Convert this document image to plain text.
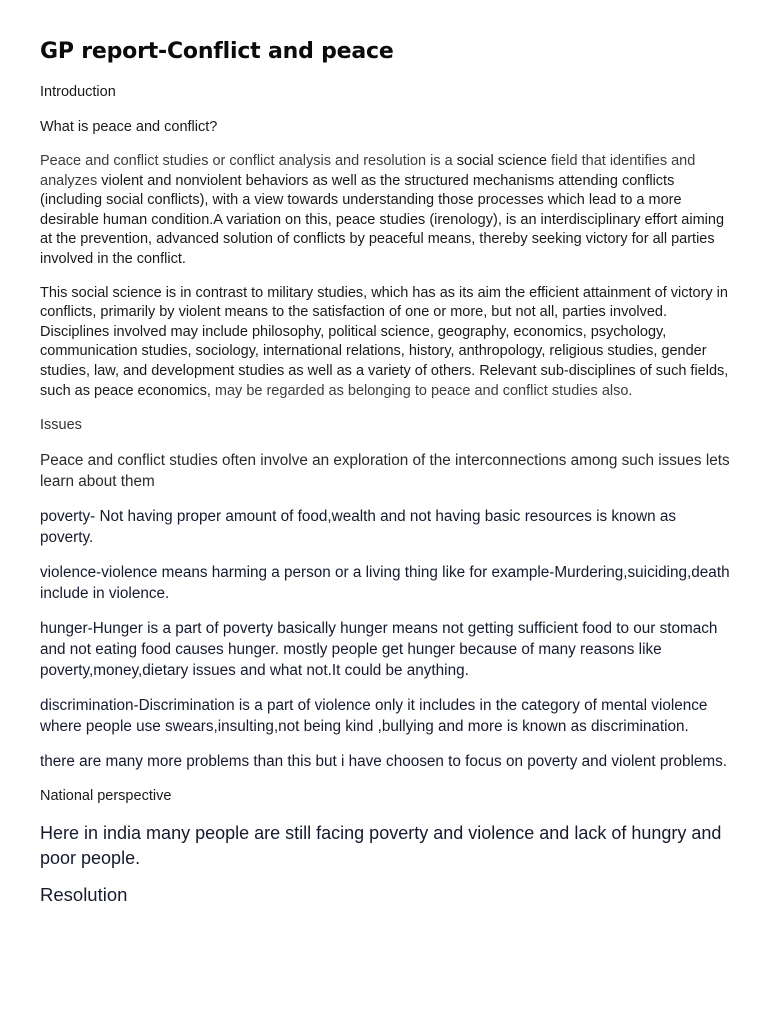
GP report-Conflict and peace

Introduction

What is peace and conflict?

Peace and conflict studies or conflict analysis and resolution is a social science field that identifies and analyzes violent and nonviolent behaviors as well as the structured mechanisms attending conflicts (including social conflicts), with a view towards understanding those processes which lead to a more desirable human condition.A variation on this, peace studies (irenology), is an interdisciplinary effort aiming at the prevention, advanced solution of conflicts by peaceful means, thereby seeking victory for all parties involved in the conflict.

This social science is in contrast to military studies, which has as its aim the efficient attainment of victory in conflicts, primarily by violent means to the satisfaction of one or more, but not all, parties involved. Disciplines involved may include philosophy, political science, geography, economics, psychology, communication studies, sociology, international relations, history, anthropology, religious studies, gender studies, law, and development studies as well as a variety of others. Relevant sub-disciplines of such fields, such as peace economics, may be regarded as belonging to peace and conflict studies also.

Issues

Peace and conflict studies often involve an exploration of the interconnections among such issues lets learn about them

poverty- Not having proper amount of food,wealth and not having basic resources is known as poverty.

violence-violence means harming a person or a living thing like for example-Murdering,suiciding,death include in violence.

hunger-Hunger is a part of poverty basically hunger means not getting sufficient food to our stomach and not eating food causes hunger. mostly people get hunger because of many reasons like poverty,money,dietary issues and what not.It could be anything.

discrimination-Discrimination is a part of violence only it includes in the category of mental violence where people use swears,insulting,not being kind ,bullying and more is known as discrimination.

there are many more problems than this but i have choosen to focus on poverty and violent problems.

National perspective

Here in india many people are still facing poverty and violence and lack of hungry and poor people.

Resolution
